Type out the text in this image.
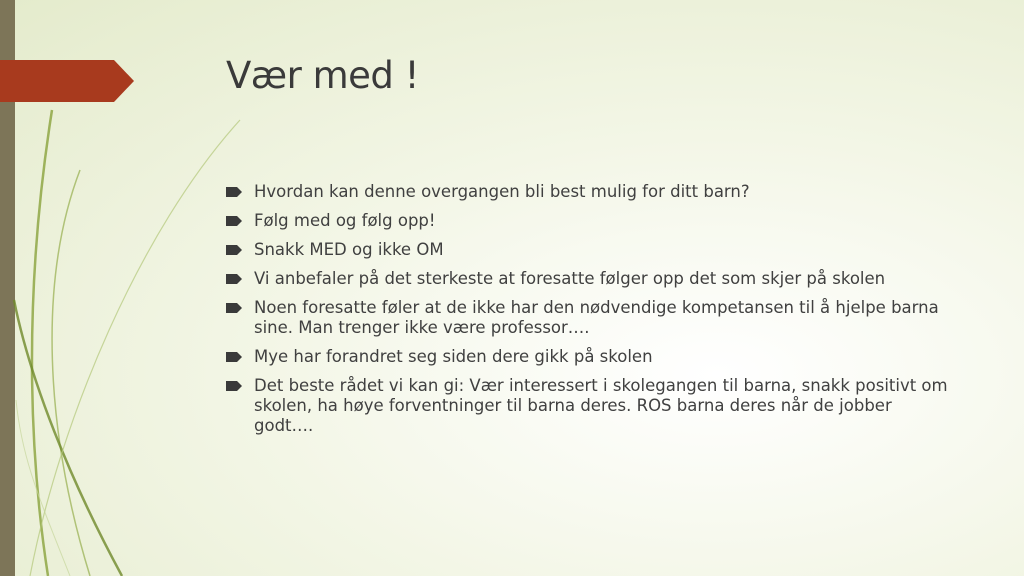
Vær med !
Hvordan kan denne overgangen bli best mulig for ditt barn?
Følg med og følg opp!
Snakk MED og ikke OM
Vi anbefaler på det sterkeste at foresatte følger opp det som skjer på skolen
Noen foresatte føler at de ikke har den nødvendige kompetansen til å hjelpe barna sine. Man trenger ikke være professor….
Mye har forandret seg siden dere gikk på skolen
Det beste rådet vi kan gi: Vær interessert i skolegangen til barna, snakk positivt om skolen, ha høye forventninger til barna deres. ROS barna deres når de jobber godt….
